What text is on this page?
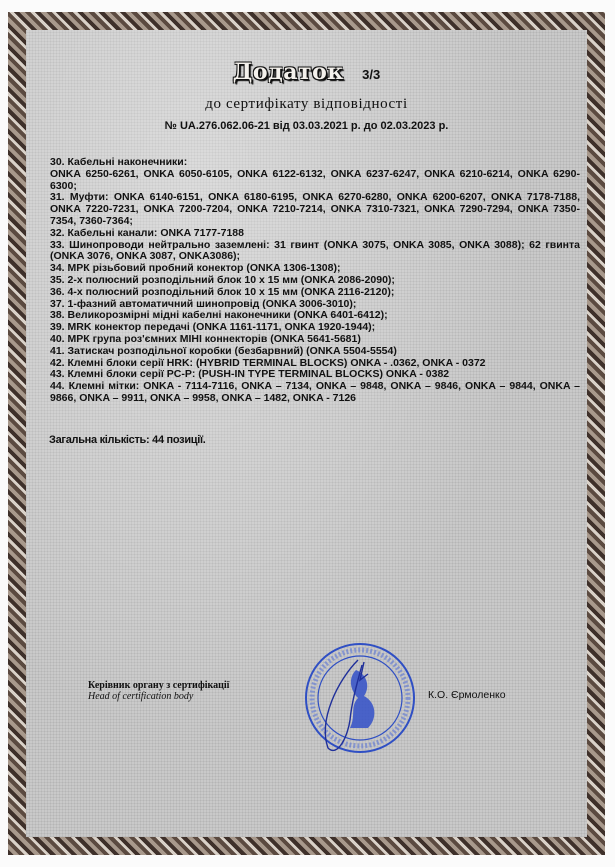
Додаток 3/3
до сертифікату відповідності
№ UA.276.062.06-21 від 03.03.2021 р. до 02.03.2023 р.

30. Кабельні наконечники:

ONKA 6250-6261, ONKA 6050-6105, ONKA 6122-6132, ONKA 6237-6247, ONKA 6210-6214, ONKA 6290-6300;

31. Муфти: ONKA 6140-6151, ONKA 6180-6195, ONKA 6270-6280, ONKA 6200-6207, ONKA 7178-7188, ONKA 7220-7231, ONKA 7200-7204, ONKA 7210-7214, ONKA 7310-7321, ONKA 7290-7294, ONKA 7350-7354, 7360-7364;

32. Кабельні канали: ONKA 7177-7188

33. Шинопроводи нейтрально заземлені: 31 гвинт (ONKA 3075, ONKA 3085, ONKA 3088); 62 гвинта (ONKA 3076, ONKA 3087, ONKA3086);

34. МРК різьбовий пробний конектор (ONKA 1306-1308);

35. 2-х полюсний розподільний блок 10 х 15 мм (ONKA 2086-2090);

36. 4-х полюсний розподільний блок 10 х 15 мм (ONKA 2116-2120);

37. 1-фазний автоматичний шинопровід (ONKA 3006-3010);

38. Великорозмірні мідні кабелні наконечники (ONKA 6401-6412);

39. MRK конектор передачі (ONKA 1161-1171, ONKA 1920-1944);

40. МРК група роз'ємних МІНІ коннекторів (ONKA 5641-5681)

41. Затискач розподільної коробки (безбарвний) (ONKA 5504-5554)

42. Клемні блоки серії HRK: (HYBRID TERMINAL BLOCKS) ONKA - .0362, ONKA - 0372

43. Клемні блоки серії PC-P: (PUSH-IN TYPE TERMINAL BLOCKS) ONKA - 0382

44. Клемні мітки: ONKA - 7114-7116, ONKA – 7134, ONKA – 9848, ONKA – 9846, ONKA – 9844, ONKA – 9866, ONKA – 9911, ONKA – 9958, ONKA – 1482, ONKA - 7126

Загальна кількість: 44 позиції.
Керівник органу з сертифікації
Head of certification body	К.О. Єрмоленко
